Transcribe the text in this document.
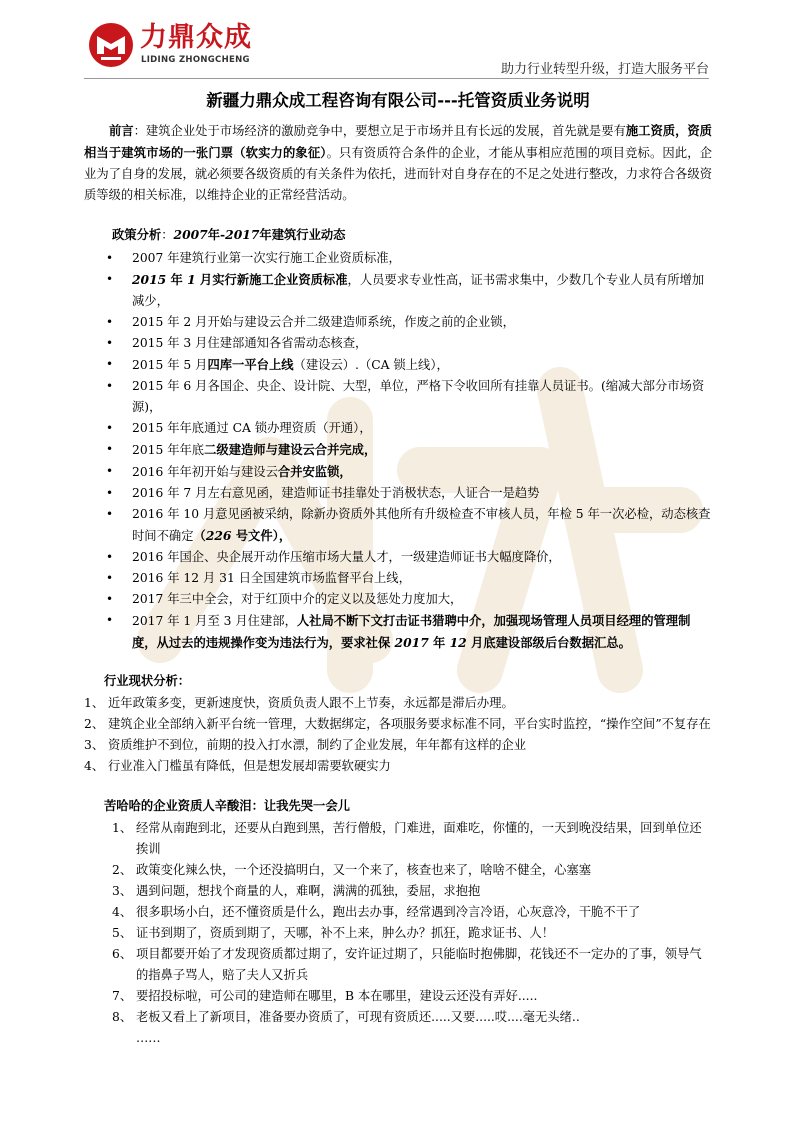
力鼎众成
LIDING ZHONGCHENG
助力行业转型升级，打造大服务平台
新疆力鼎众成工程咨询有限公司---托管资质业务说明

前言：建筑企业处于市场经济的激励竞争中，要想立足于市场并且有长远的发展，首先就是要有施工资质，资质相当于建筑市场的一张门票（软实力的象征）。只有资质符合条件的企业，才能从事相应范围的项目竞标。因此，企业为了自身的发展，就必须要各级资质的有关条件为依托，进而针对自身存在的不足之处进行整改，力求符合各级资质等级的相关标准，以维持企业的正常经营活动。

政策分析：2007年-2017年建筑行业动态
• 2007 年建筑行业第一次实行施工企业资质标准，
• 2015 年 1 月实行新施工企业资质标准，人员要求专业性高，证书需求集中，少数几个专业人员有所增加减少，
• 2015 年 2 月开始与建设云合并二级建造师系统，作废之前的企业锁，
• 2015 年 3 月住建部通知各省需动态核查，
• 2015 年 5 月四库一平台上线（建设云）.（CA 锁上线），
• 2015 年 6 月各国企、央企、设计院、大型，单位，严格下令收回所有挂靠人员证书。(缩减大部分市场资源)，
• 2015 年年底通过 CA 锁办理资质（开通），
• 2015 年年底二级建造师与建设云合并完成，
• 2016 年年初开始与建设云合并安监锁，
• 2016 年 7 月左右意见函，建造师证书挂靠处于消极状态，人证合一是趋势
• 2016 年 10 月意见函被采纳，除新办资质外其他所有升级检查不审核人员，年检 5 年一次必检，动态核查时间不确定（226 号文件），
• 2016 年国企、央企展开动作压缩市场大量人才，一级建造师证书大幅度降价，
• 2016 年 12 月 31 日全国建筑市场监督平台上线，
• 2017 年三中全会，对于红顶中介的定义以及惩处力度加大，
• 2017 年 1 月至 3 月住建部，人社局不断下文打击证书猎聘中介，加强现场管理人员项目经理的管理制度，从过去的违规操作变为违法行为，要求社保 2017 年 12 月底建设部级后台数据汇总。
行业现状分析：
1、 近年政策多变，更新速度快，资质负责人跟不上节奏，永远都是滞后办理。
2、 建筑企业全部纳入新平台统一管理，大数据绑定，各项服务要求标准不同，平台实时监控，“操作空间”不复存在
3、 资质维护不到位，前期的投入打水漂，制约了企业发展，年年都有这样的企业
4、 行业准入门槛虽有降低，但是想发展却需要软硬实力
苦哈哈的企业资质人辛酸泪：让我先哭一会儿
1、 经常从南跑到北，还要从白跑到黑，苦行僧般，门难进，面难吃，你懂的，一天到晚没结果，回到单位还挨训
2、 政策变化辣么快，一个还没搞明白，又一个来了，核查也来了，啥啥不健全，心塞塞
3、 遇到问题，想找个商量的人，难啊，满满的孤独，委屈，求抱抱
4、 很多职场小白，还不懂资质是什么，跑出去办事，经常遇到冷言冷语，心灰意冷，干脆不干了
5、 证书到期了，资质到期了，天哪，补不上来，肿么办？抓狂，跪求证书、人！
6、 项目都要开始了才发现资质都过期了，安许证过期了，只能临时抱佛脚，花钱还不一定办的了事，领导气的指鼻子骂人，赔了夫人又折兵
7、 要招投标啦，可公司的建造师在哪里，B 本在哪里，建设云还没有弄好.....
8、 老板又看上了新项目，准备要办资质了，可现有资质还.....又要.....哎....毫无头绪..
……
